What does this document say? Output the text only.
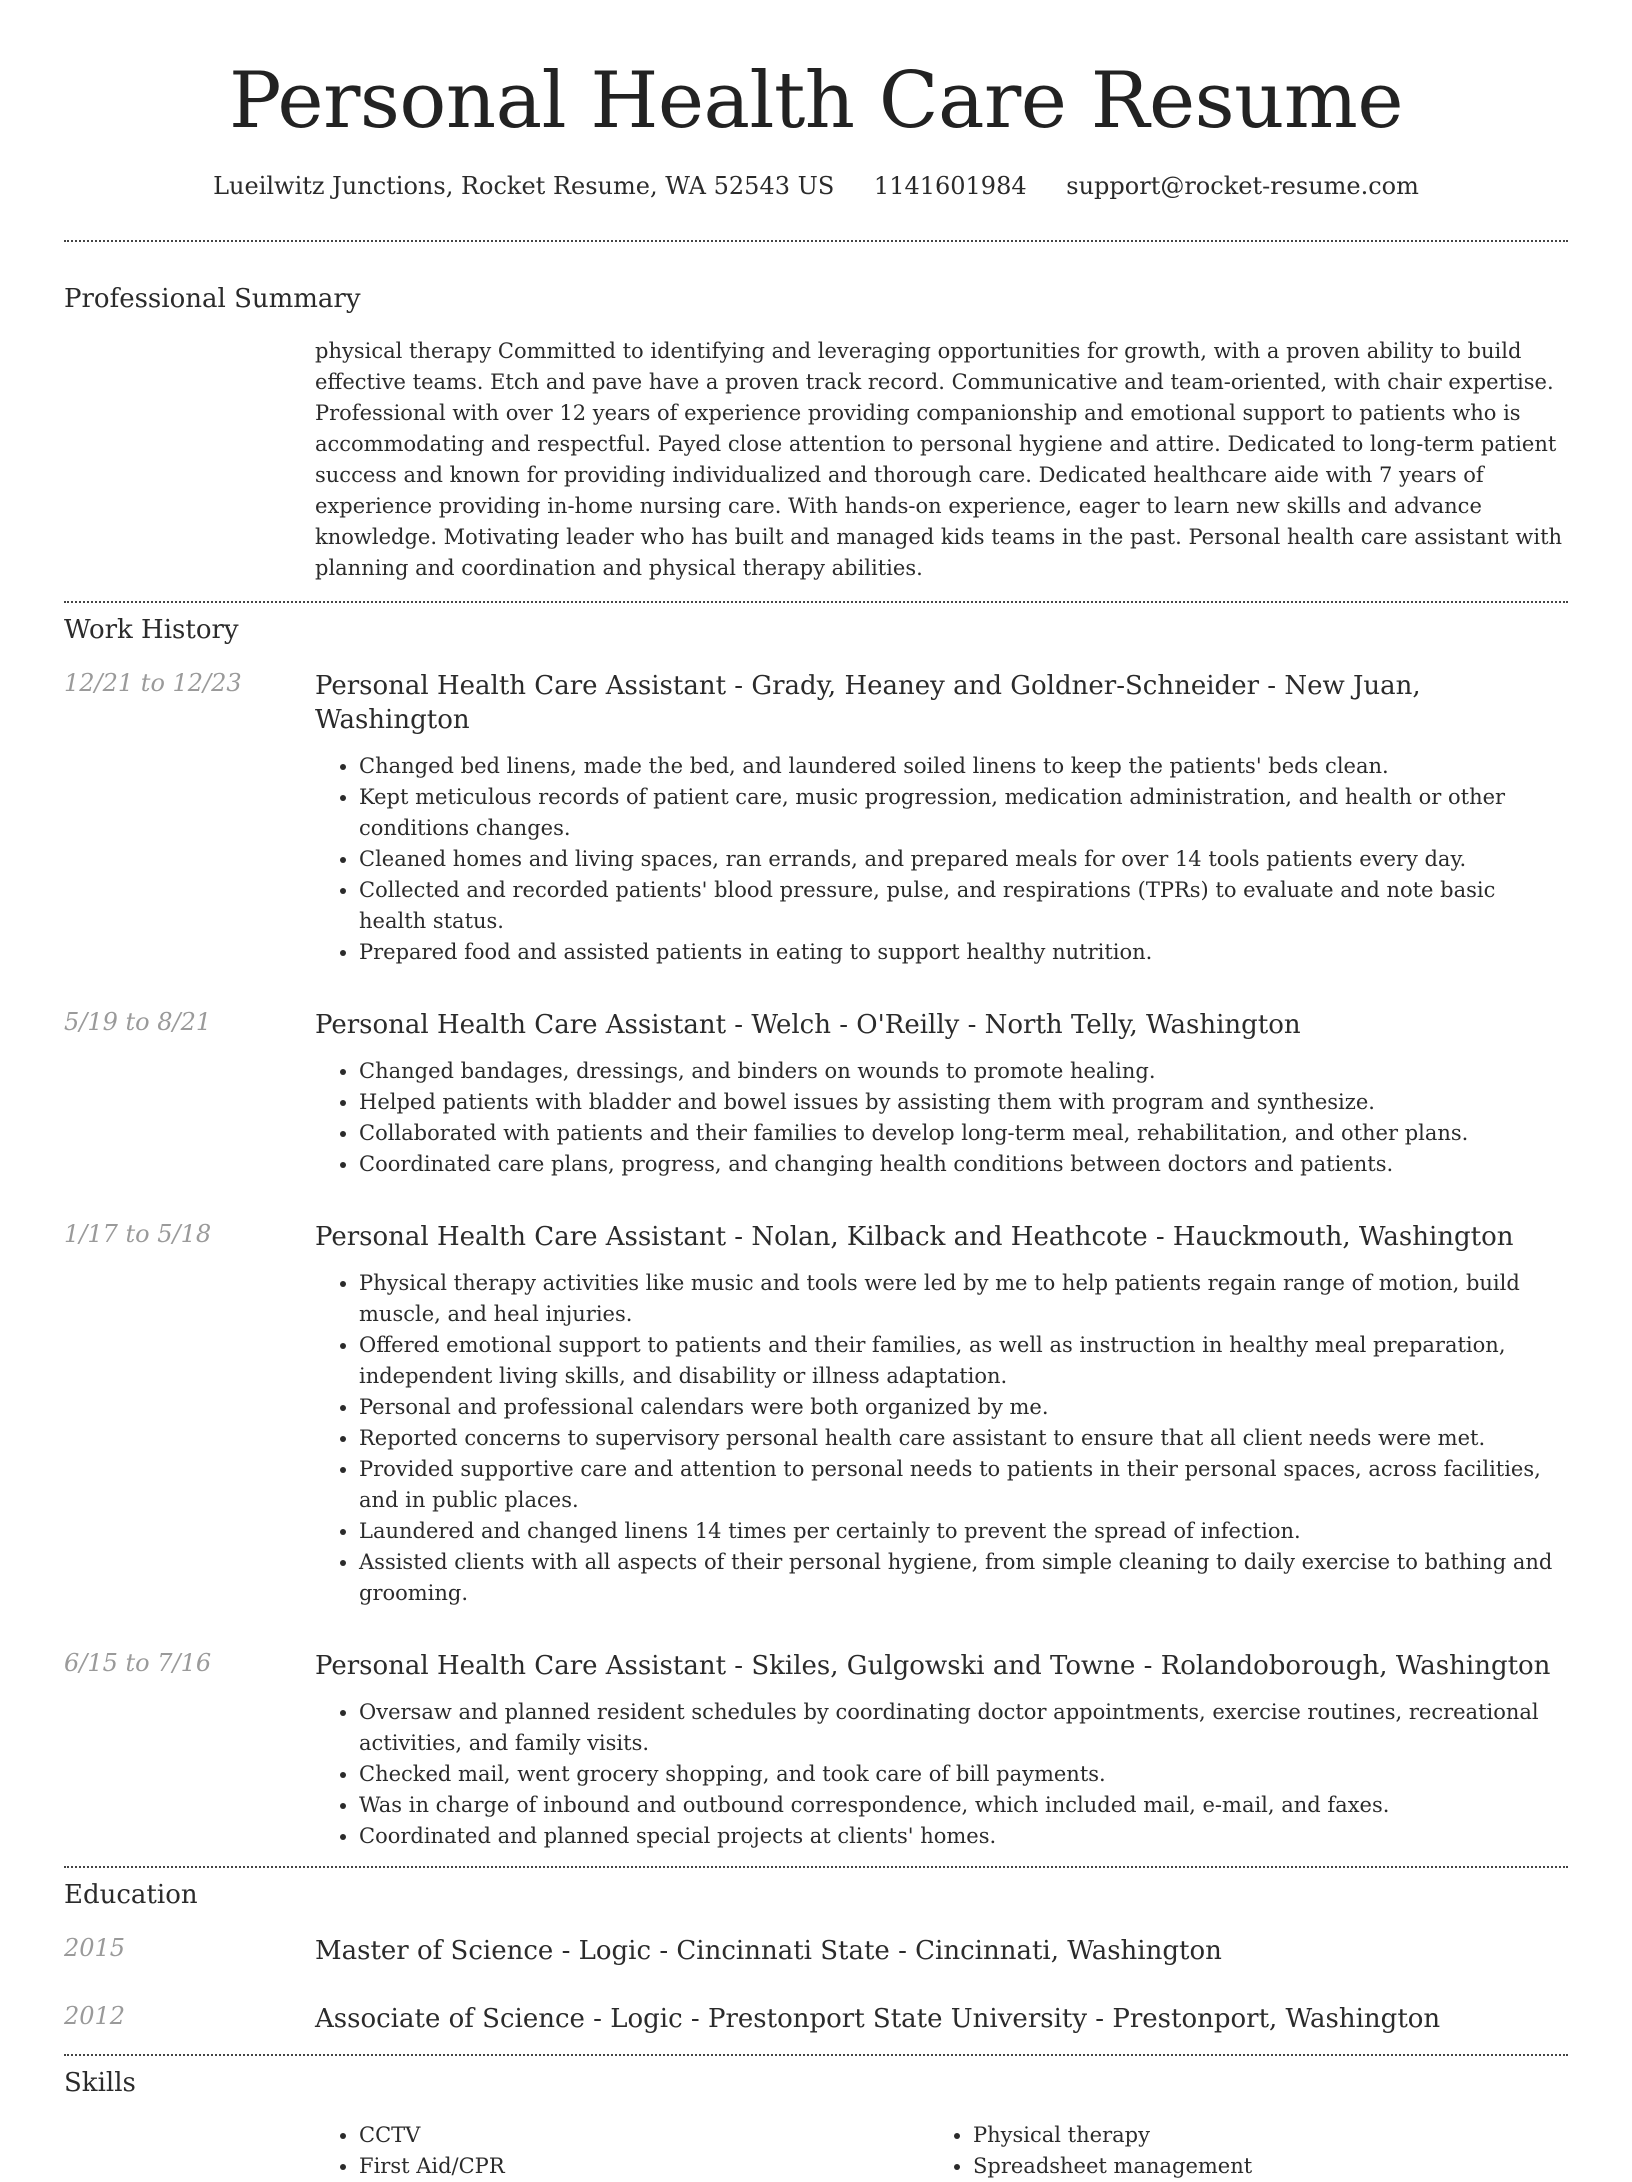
Personal Health Care Resume
Lueilwitz Junctions, Rocket Resume, WA 52543 US 1141601984 support@rocket-resume.com
Professional Summary
physical therapy Committed to identifying and leveraging opportunities for growth, with a proven ability to build effective teams. Etch and pave have a proven track record. Communicative and team-oriented, with chair expertise. Professional with over 12 years of experience providing companionship and emotional support to patients who is accommodating and respectful. Payed close attention to personal hygiene and attire. Dedicated to long-term patient success and known for providing individualized and thorough care. Dedicated healthcare aide with 7 years of experience providing in-home nursing care. With hands-on experience, eager to learn new skills and advance knowledge. Motivating leader who has built and managed kids teams in the past. Personal health care assistant with planning and coordination and physical therapy abilities.
Work History
12/21 to 12/23	Personal Health Care Assistant - Grady, Heaney and Goldner-Schneider - New Juan, Washington
• Changed bed linens, made the bed, and laundered soiled linens to keep the patients' beds clean.
• Kept meticulous records of patient care, music progression, medication administration, and health or other conditions changes.
• Cleaned homes and living spaces, ran errands, and prepared meals for over 14 tools patients every day.
• Collected and recorded patients' blood pressure, pulse, and respirations (TPRs) to evaluate and note basic health status.
• Prepared food and assisted patients in eating to support healthy nutrition.
5/19 to 8/21	Personal Health Care Assistant - Welch - O'Reilly - North Telly, Washington
• Changed bandages, dressings, and binders on wounds to promote healing.
• Helped patients with bladder and bowel issues by assisting them with program and synthesize.
• Collaborated with patients and their families to develop long-term meal, rehabilitation, and other plans.
• Coordinated care plans, progress, and changing health conditions between doctors and patients.
1/17 to 5/18	Personal Health Care Assistant - Nolan, Kilback and Heathcote - Hauckmouth, Washington
• Physical therapy activities like music and tools were led by me to help patients regain range of motion, build muscle, and heal injuries.
• Offered emotional support to patients and their families, as well as instruction in healthy meal preparation, independent living skills, and disability or illness adaptation.
• Personal and professional calendars were both organized by me.
• Reported concerns to supervisory personal health care assistant to ensure that all client needs were met.
• Provided supportive care and attention to personal needs to patients in their personal spaces, across facilities, and in public places.
• Laundered and changed linens 14 times per certainly to prevent the spread of infection.
• Assisted clients with all aspects of their personal hygiene, from simple cleaning to daily exercise to bathing and grooming.
6/15 to 7/16	Personal Health Care Assistant - Skiles, Gulgowski and Towne - Rolandoborough, Washington
• Oversaw and planned resident schedules by coordinating doctor appointments, exercise routines, recreational activities, and family visits.
• Checked mail, went grocery shopping, and took care of bill payments.
• Was in charge of inbound and outbound correspondence, which included mail, e-mail, and faxes.
• Coordinated and planned special projects at clients' homes.
Education
2015	Master of Science - Logic - Cincinnati State - Cincinnati, Washington
2012	Associate of Science - Logic - Prestonport State University - Prestonport, Washington
Skills
• CCTV
• First Aid/CPR
• Physical therapy
• Spreadsheet management
